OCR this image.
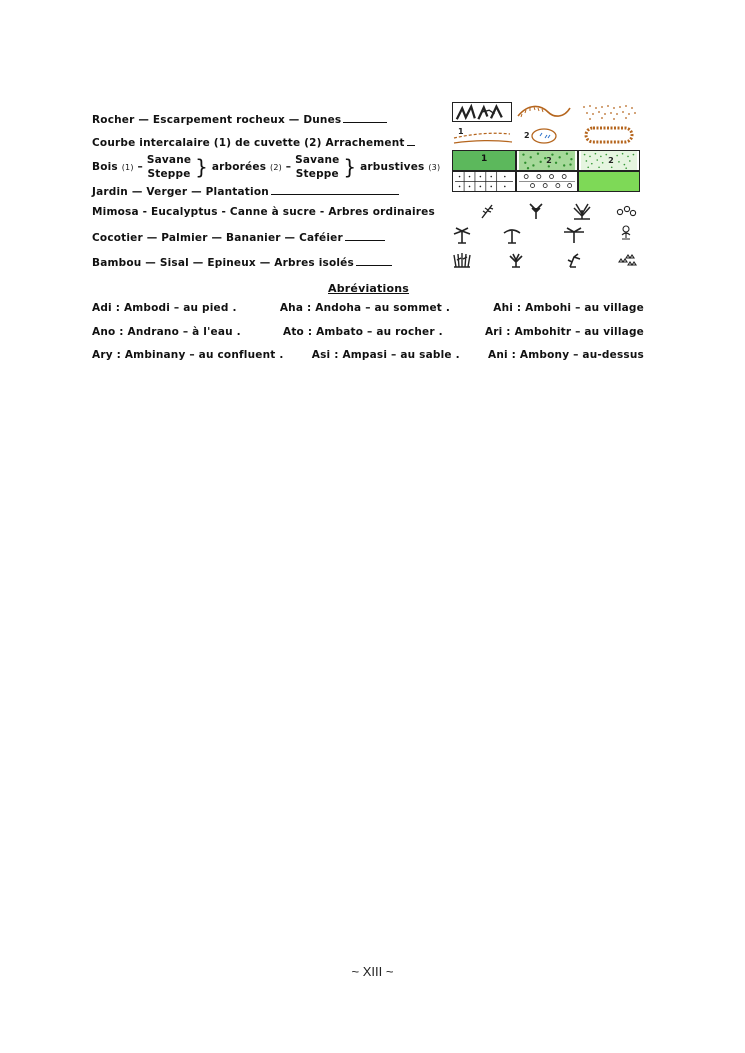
Rocher — Escarpement rocheux — Dunes
Courbe intercalaire (1) de cuvette (2) Arrachement
1	2
Bois (1) –
Savane
Steppe } arborées (2) –
Savane
Steppe } arbustives (3)
1	2	2
Jardin — Verger — Plantation
Mimosa - Eucalyptus - Canne à sucre - Arbres ordinaires
Cocotier — Palmier — Bananier — Caféier
Bambou — Sisal — Epineux — Arbres isolés
Abréviations
Adi : Ambodi – au pied .	Aha : Andoha – au sommet .	Ahi : Ambohi – au village
Ano : Andrano – à l'eau .	Ato : Ambato – au rocher .	Ari : Ambohitr – au village
Ary : Ambinany – au confluent .	Asi : Ampasi – au sable .	Ani : Ambony – au-dessus
~ XIII ~
